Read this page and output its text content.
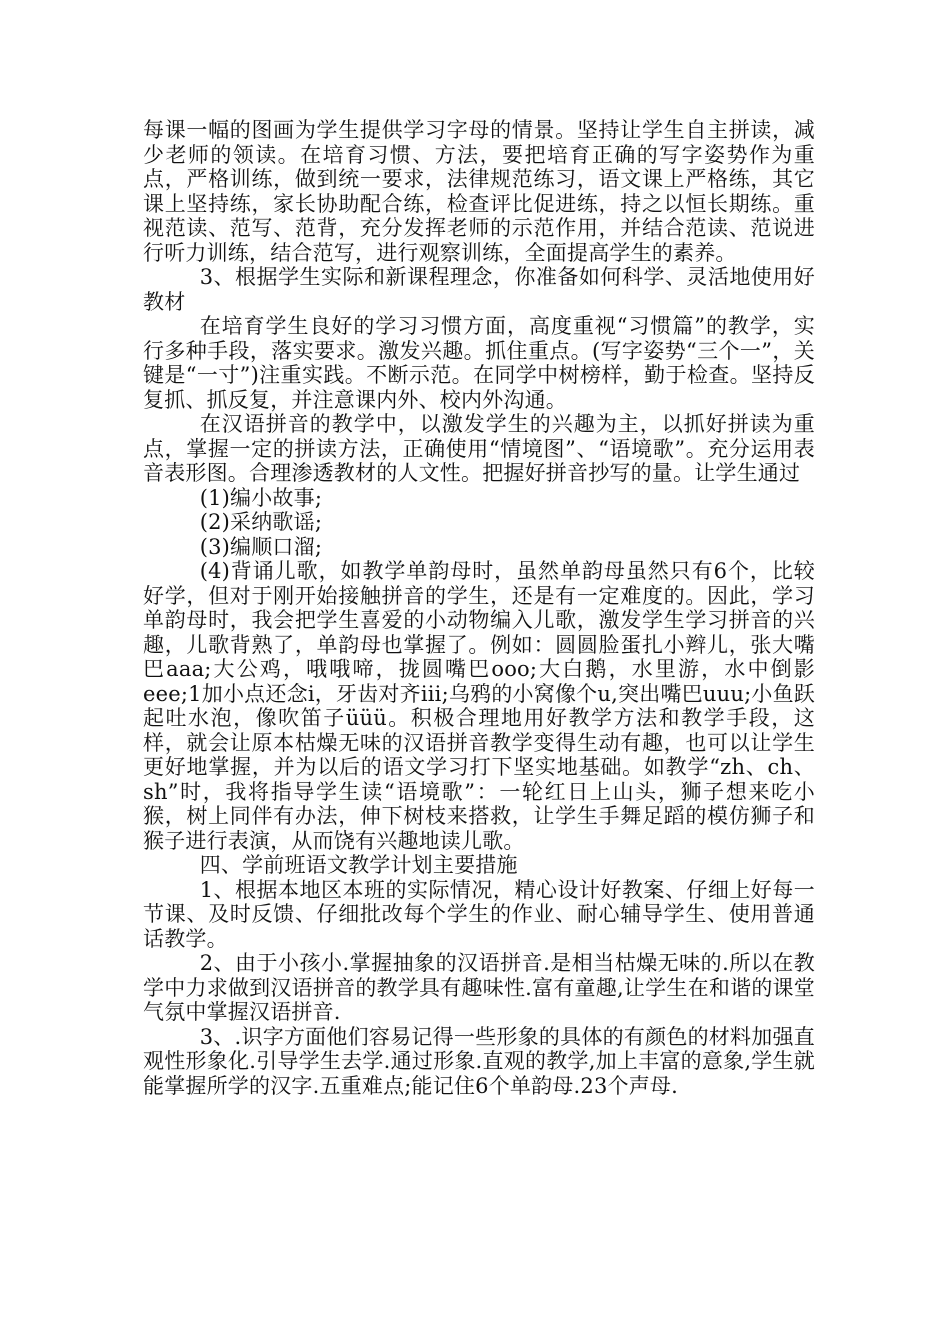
每课一幅的图画为学生提供学习字母的情景。坚持让学生自主拼读，减少老师的领读。在培育习惯、方法，要把培育正确的写字姿势作为重点，严格训练，做到统一要求，法律规范练习，语文课上严格练，其它课上坚持练，家长协助配合练，检查评比促进练，持之以恒长期练。重视范读、范写、范背，充分发挥老师的示范作用，并结合范读、范说进行听力训练，结合范写，进行观察训练，全面提高学生的素养。

3、根据学生实际和新课程理念，你准备如何科学、灵活地使用好教材

在培育学生良好的学习习惯方面，高度重视“习惯篇”的教学，实行多种手段，落实要求。激发兴趣。抓住重点。(写字姿势“三个一”，关键是“一寸”)注重实践。不断示范。在同学中树榜样，勤于检查。坚持反复抓、抓反复，并注意课内外、校内外沟通。

在汉语拼音的教学中，以激发学生的兴趣为主，以抓好拼读为重点，掌握一定的拼读方法，正确使用“情境图”、“语境歌”。充分运用表音表形图。合理渗透教材的人文性。把握好拼音抄写的量。让学生通过

(1)编小故事;

(2)采纳歌谣;

(3)编顺口溜;

(4)背诵儿歌，如教学单韵母时，虽然单韵母虽然只有6个，比较好学，但对于刚开始接触拼音的学生，还是有一定难度的。因此，学习单韵母时，我会把学生喜爱的小动物编入儿歌，激发学生学习拼音的兴趣，儿歌背熟了，单韵母也掌握了。例如：圆圆脸蛋扎小辫儿，张大嘴巴aaa;大公鸡，哦哦啼，拢圆嘴巴ooo;大白鹅，水里游，水中倒影eee;1加小点还念i，牙齿对齐iii;乌鸦的小窝像个u,突出嘴巴uuu;小鱼跃起吐水泡，像吹笛子üüü。积极合理地用好教学方法和教学手段，这样，就会让原本枯燥无味的汉语拼音教学变得生动有趣，也可以让学生更好地掌握，并为以后的语文学习打下坚实地基础。如教学“zh、ch、sh”时，我将指导学生读“语境歌”：一轮红日上山头，狮子想来吃小猴，树上同伴有办法，伸下树枝来搭救，让学生手舞足蹈的模仿狮子和猴子进行表演，从而饶有兴趣地读儿歌。

四、学前班语文教学计划主要措施

1、根据本地区本班的实际情况，精心设计好教案、仔细上好每一节课、及时反馈、仔细批改每个学生的作业、耐心辅导学生、使用普通话教学。

2、由于小孩小.掌握抽象的汉语拼音.是相当枯燥无味的.所以在教学中力求做到汉语拼音的教学具有趣味性.富有童趣,让学生在和谐的课堂气氛中掌握汉语拼音.

3、.识字方面他们容易记得一些形象的具体的有颜色的材料加强直观性形象化.引导学生去学.通过形象.直观的教学,加上丰富的意象,学生就能掌握所学的汉字.五重难点;能记住6个单韵母.23个声母.
